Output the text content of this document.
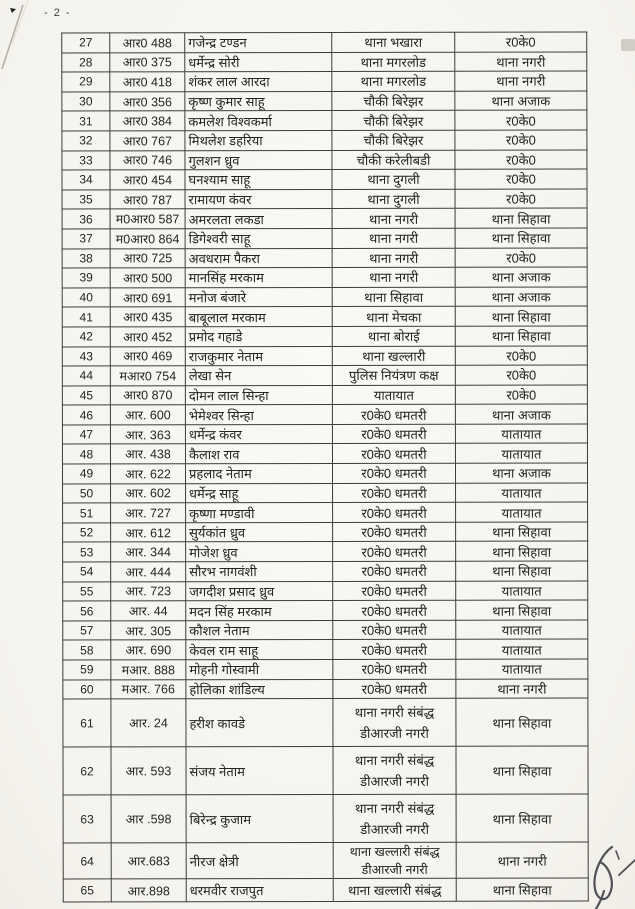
- 2 -
27	आर0 488	गजेन्द्र टण्डन	थाना भखारा	र0के0
28	आर0 375	धर्मेन्द्र सोरी	थाना मगरलोड	थाना नगरी
29	आर0 418	शंकर लाल आरदा	थाना मगरलोड	थाना नगरी
30	आर0 356	कृष्ण कुमार साहू	चौकी बिरेझर	थाना अजाक
31	आर0 384	कमलेश विश्वकर्मा	चौकी बिरेझर	र0के0
32	आर0 767	मिथलेश डहरिया	चौकी बिरेझर	र0के0
33	आर0 746	गुलशन ध्रुव	चौकी करेलीबडी	र0के0
34	आर0 454	घनश्याम साहू	थाना दुगली	र0के0
35	आर0 787	रामायण कंवर	थाना दुगली	र0के0
36	म0आर0 587	अमरलता लकडा	थाना नगरी	थाना सिहावा
37	म0आर0 864	डिगेश्वरी साहू	थाना नगरी	थाना सिहावा
38	आर0 725	अवधराम पैकरा	थाना नगरी	र0के0
39	आर0 500	मानसिंह मरकाम	थाना नगरी	थाना अजाक
40	आर0 691	मनोज बंजारे	थाना सिहावा	थाना अजाक
41	आर0 435	बाबूलाल मरकाम	थाना मेचका	थाना सिहावा
42	आर0 452	प्रमोद गहाडे	थाना बोराई	थाना सिहावा
43	आर0 469	राजकुमार नेताम	थाना खल्लारी	र0के0
44	मआर0 754	लेखा सेन	पुलिस नियंत्रण कक्ष	र0के0
45	आर0 870	दोमन लाल सिन्हा	यातायात	र0के0
46	आर. 600	भेमेश्वर सिन्हा	र0के0 धमतरी	थाना अजाक
47	आर. 363	धर्मेन्द्र कंवर	र0के0 धमतरी	यातायात
48	आर. 438	कैलाश राव	र0के0 धमतरी	यातायात
49	आर. 622	प्रहलाद नेताम	र0के0 धमतरी	थाना अजाक
50	आर. 602	धर्मेन्द्र साहू	र0के0 धमतरी	यातायात
51	आर. 727	कृष्णा मण्डावी	र0के0 धमतरी	यातायात
52	आर. 612	सुर्यकांत ध्रुव	र0के0 धमतरी	थाना सिहावा
53	आर. 344	मोजेश ध्रुव	र0के0 धमतरी	थाना सिहावा
54	आर. 444	सौरभ नागवंशी	र0के0 धमतरी	थाना सिहावा
55	आर. 723	जगदीश प्रसाद ध्रुव	र0के0 धमतरी	यातायात
56	आर. 44	मदन सिंह मरकाम	र0के0 धमतरी	थाना सिहावा
57	आर. 305	कौशल नेताम	र0के0 धमतरी	यातायात
58	आर. 690	केवल राम साहू	र0के0 धमतरी	यातायात
59	मआर. 888	मोहनी गोस्वामी	र0के0 धमतरी	यातायात
60	मआर. 766	होलिका शांडिल्य	र0के0 धमतरी	थाना नगरी
61	आर. 24	हरीश कावडे	थाना नगरी संबंद्ध
डीआरजी नगरी	थाना सिहावा
62	आर. 593	संजय नेताम	थाना नगरी संबंद्ध
डीआरजी नगरी	थाना सिहावा
63	आर .598	बिरेन्द्र कुजाम	थाना नगरी संबंद्ध
डीआरजी नगरी	थाना सिहावा
64	आर.683	नीरज क्षेत्री	थाना खल्लारी संबंद्ध
डीआरजी नगरी	थाना नगरी
65	आर.898	धरमवीर राजपुत	थाना खल्लारी संबंद्ध	थाना सिहावा
